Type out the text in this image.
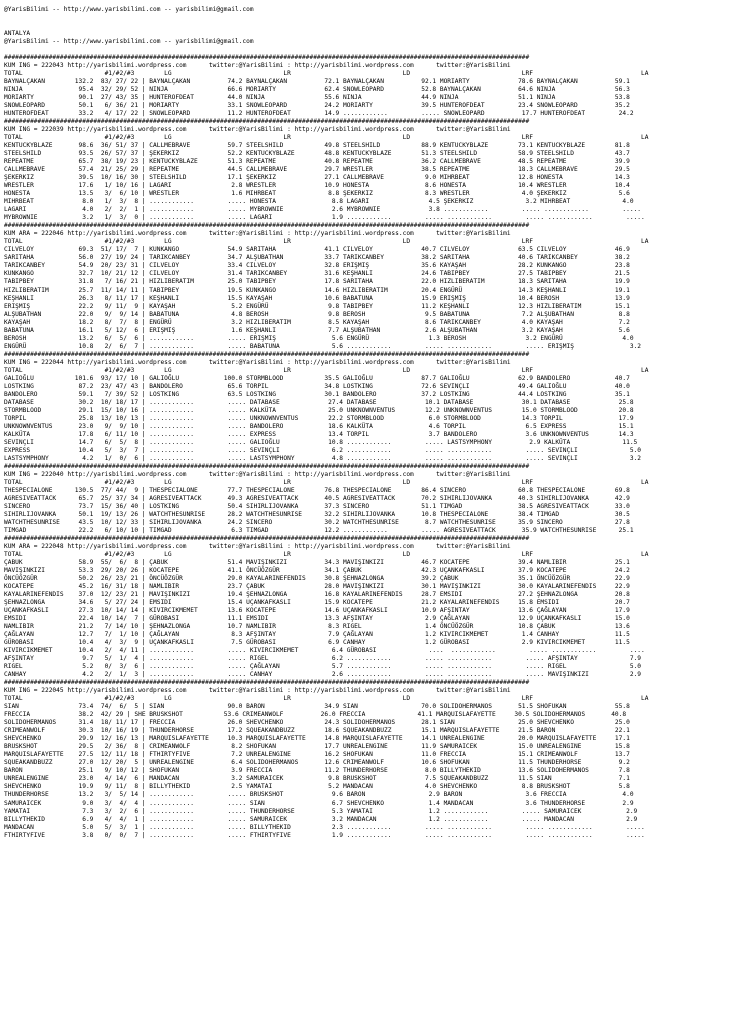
@YarisBilimi -- http://www.yarisbilimi.com -- yarisbilimi@gmail.com
ANTALYA
@YarisBilimi -- http://www.yarisbilimi.com -- yarisbilimi@gmail.com
#############################################################################################################################################
KUM ING = 222043 http://yarisbilimi.wordpress.com      twitter:@YarisBilimi : http://yarisbilimi.wordpress.com      twitter:@YarisBilimi
TOTAL                      #1/#2/#3        LG                              LR                              LD                              LRF                             LA
BAYNALÇAKAN        132.2  83/ 27/ 22 | BAYNALÇAKAN          74.2 BAYNALÇAKAN          72.1 BAYNALÇAKAN          92.1 MORIARTY             78.6 BAYNALÇAKAN          59.1
NINJA               95.4  32/ 29/ 52 | NINJA                66.6 MORIARTY             62.4 SNOWLEOPARD          52.8 BAYNALÇAKAN          64.6 NINJA                56.3
MORIARTY            90.1  27/ 43/ 35 | HUNTEROFDEAT         44.0 NINJA                55.6 NINJA                44.9 NINJA                51.1 NINJA                53.8
SNOWLEOPARD         50.1   6/ 36/ 21 | MORIARTY             33.1 SNOWLEOPARD          24.2 MORIARTY             39.5 HUNTEROFDEAT         23.4 SNOWLEOPARD          35.2
HUNTEROFDEAT        33.2   4/ 17/ 22 | SNOWLEOPARD          11.2 HUNTEROFDEAT         14.9 ............         ..... SNOWLEOPARD          17.7 HUNTEROFDEAT         24.2
#############################################################################################################################################
KUM ING = 222039 http://yarisbilimi.wordpress.com      twitter:@YarisBilimi : http://yarisbilimi.wordpress.com      twitter:@YarisBilimi
TOTAL                      #1/#2/#3        LG                              LR                              LD                              LRF                             LA
KENTUCKYBLAZE       98.6  36/ 51/ 37 | CALLMEBRAVE          59.7 STEELSHILD           49.8 STEELSHILD           88.9 KENTUCKYBLAZE        73.1 KENTUCKYBLAZE        81.8
STEELSHILD          93.5  26/ 57/ 37 | ŞEKERKIZ             52.2 KENTUCKYBLAZE        48.8 KENTUCKYBLAZE        51.3 STEELSHILD           58.9 STEELSHILD           43.7
REPEATME            65.7  38/ 19/ 23 | KENTUCKYBLAZE        51.3 REPEATME             40.8 REPEATME             36.2 CALLMEBRAVE          48.5 REPEATME             39.9
CALLMEBRAVE         57.4  21/ 25/ 29 | REPEATME             44.5 CALLMEBRAVE          29.7 WRESTLER             38.5 REPEATME             18.3 CALLMEBRAVE          29.5
ŞEKERKIZ            39.5  10/ 16/ 30 | STEELSHILD           17.1 ŞEKERKIZ             27.1 CALLMEBRAVE           9.0 MIHRBEAT             12.8 HONESTA              14.3
WRESTLER            17.6   1/ 10/ 16 | LAGARI                2.8 WRESTLER             10.9 HONESTA               8.6 HONESTA              10.4 WRESTLER             10.4
HONESTA             13.5   3/  6/ 10 | WRESTLER              1.6 MIHRBEAT              8.8 ŞEKERKIZ              8.3 WRESTLER              4.0 ŞEKERKIZ              5.6
MIHRBEAT             8.0   1/  3/  8 | ............         ..... HONESTA               8.8 LAGARI                4.5 ŞEKERKIZ              3.2 MIHRBEAT              4.0
LAGARI               4.0   2/  2/  1 | ............         ..... MYBROWNIE             2.6 MYBROWNIE             3.8 ............         ..... ............         .....
MYBROWNIE            3.2   1/  3/  0 | ............         ..... LAGARI                1.9 ............         ..... ............         ..... ............         .....
#############################################################################################################################################
KUM ARA = 222046 http://yarisbilimi.wordpress.com      twitter:@YarisBilimi : http://yarisbilimi.wordpress.com      twitter:@YarisBilimi
TOTAL                      #1/#2/#3        LG                              LR                              LD                              LRF                             LA
CILVELOY            69.3  51/ 17/  7 | KUNKANGO             54.9 SARITAHA             41.1 CILVELOY             40.7 CILVELOY             63.5 CILVELOY             46.9
SARITAHA            56.0  27/ 19/ 24 | TARIKCANBEY          34.7 ALŞUBATHAN           33.7 TARIKCANBEY          38.2 SARITAHA             40.6 TARIKCANBEY          38.2
TARIKCANBEY         54.9  20/ 23/ 31 | CILVELOY             33.4 CILVELOY             32.8 ERIŞMIŞ              35.6 KAYAŞAH              28.2 KUNKANGO             23.8
KUNKANGO            32.7  10/ 21/ 12 | CILVELOY             31.4 TARIKCANBEY          31.6 KEŞHANLI             24.6 TABIPBEY             27.5 TABIPBEY             21.5
TABIPBEY            31.8   7/ 16/ 21 | HIZLIBERATIM         25.0 TABIPBEY             17.8 SARITAHA             22.0 HIZLIBERATIM         18.3 SARITAHA             19.9
HIZLIBERATIM        25.7  11/ 14/ 11 | TABIPBEY             19.5 KUNKANGO             14.6 HIZLIBERATIM         20.4 ENGÜRÜ               14.3 KEŞHANLI             19.1
KEŞHANLI            26.3   8/ 11/ 17 | KEŞHANLI             15.5 KAYAŞAH              10.6 BABATUNA             15.9 ERIŞMIŞ              10.4 BEROSH               13.9
ERIŞMIŞ             22.2   9/ 11/  9 | KAYAŞAH               5.2 ENGÜRÜ                9.8 TABIPBEY             11.2 KEŞHANLI             12.3 HIZLIBERATIM         15.1
ALŞUBATHAN          22.0   9/  9/ 14 | BABATUNA              4.8 BEROSH                9.8 BEROSH                9.5 BABATUNA              7.2 ALŞUBATHAN            8.8
KAYAŞAH             18.2   8/  7/  8 | ENGÜRÜ                3.2 HIZLIBERATIM          8.5 KAYAŞAH               8.6 TARIKCANBEY           4.0 KAYAŞAH               7.2
BABATUNA            16.1   5/ 12/  6 | ERIŞMIŞ               1.6 KEŞHANLI              7.7 ALŞUBATHAN            2.6 ALŞUBATHAN            3.2 KAYAŞAH               5.6
BEROSH              13.2   6/  5/  6 | ............         ..... ERIŞMIŞ               5.6 ENGÜRÜ                1.3 BEROSH                3.2 ENGÜRÜ                4.0
ENGÜRÜ              10.8   2/  6/  7 | ............         ..... BABATUNA              5.6 ............         ..... ............         ..... ERIŞMIŞ               3.2
#############################################################################################################################################
KUM ING = 222044 http://yarisbilimi.wordpress.com      twitter:@YarisBilimi : http://yarisbilimi.wordpress.com      twitter:@YarisBilimi
TOTAL                      #1/#2/#3        LG                              LR                              LD                              LRF                             LA
GALIOĞLU           101.6  93/ 17/ 10 | GALIOĞLU            100.0 STORMBLOOD           35.5 GALIOĞLU             87.7 GALIOĞLU             62.9 BANDOLERO            40.7
LOSTKING            87.2  23/ 47/ 43 | BANDOLERO            65.6 TORPIL               34.8 LOSTKING             72.6 SEVINÇLI             49.4 GALIOĞLU             40.0
BANDOLERO           59.1   7/ 39/ 52 | LOSTKING             63.5 LOSTKING             30.1 BANDOLERO            37.2 LOSTKING             44.4 LOSTKING             35.1
DATABASE            30.2  10/ 18/ 17 | ............         ..... DATABASE             27.4 DATABASE             10.1 DATABASE             30.1 DATABASE             25.8
STORMBLOOD          29.1  15/ 10/ 16 | ............         ..... KALKÜTA              25.0 UNKNOWNVENTUS        12.2 UNKNOWNVENTUS        15.0 STORMBLOOD           20.8
TORPIL              25.8  13/ 10/ 13 | ............         ..... UNKNOWNVENTUS        22.2 STORMBLOOD            6.0 STORMBLOOD           14.3 TORPIL               17.9
UNKNOWNVENTUS       23.0   9/  9/ 10 | ............         ..... BANDOLERO            18.6 KALKÜTA               4.6 TORPIL                6.5 EXPRESS              15.1
KALKÜTA             17.8   6/ 11/ 10 | ............         ..... EXPRESS              13.4 TORPIL                3.7 BANDOLERO             3.6 UNKNOWNVENTUS        14.3
SEVINÇLI            14.7   6/  5/  8 | ............         ..... GALIOĞLU             10.8 ............         ..... LASTSYMPHONY          2.9 KALKÜTA              11.5
EXPRESS             10.4   5/  3/  7 | ............         ..... SEVINÇLI              6.2 ............         ..... ............         ..... SEVINÇLI              5.0
LASTSYMPHONY         4.2   1/  0/  6 | ............         ..... LASTSYMPHONY          4.8 ............         ..... ............         ..... SEVINÇLI              3.2
#############################################################################################################################################
KUM ING = 222040 http://yarisbilimi.wordpress.com      twitter:@YarisBilimi : http://yarisbilimi.wordpress.com      twitter:@YarisBilimi
TOTAL                      #1/#2/#3        LG                              LR                              LD                              LRF                             LA
THESPECIALONE      130.5  77/ 44/  9 | THESPECIALONE        77.7 THESPECIALONE        76.8 THESPECIALONE        86.4 SINCERO              60.8 THESPECIALONE        69.8
AGRESIVEATTACK      65.7  25/ 37/ 34 | AGRESIVEATTACK       49.3 AGRESIVEATTACK       40.5 AGRESIVEATTACK       70.2 SIHIRLIJOVANKA       40.3 SIHIRLIJOVANKA       42.9
SINCERO             73.7  15/ 36/ 40 | LOSTKING             50.4 SIHIRLIJOVANKA       37.3 SINCERO              51.1 TIMGAD               38.5 AGRESIVEATTACK       33.0
SIHIRLIJOVANKA      50.1  19/ 13/ 26 | WATCHTHESUNRISE      28.2 WATCHTHESUNRISE      32.2 SIHIRLIJOVANKA       10.8 THESPECIALONE        38.4 TIMGAD               30.5
WATCHTHESUNRISE     43.5  10/ 12/ 33 | SIHIRLIJOVANKA       24.2 SINCERO              30.2 WATCHTHESUNRISE       8.7 WATCHTHESUNRISE      35.9 SINCERO              27.8
TIMGAD              22.2   6/ 10/ 10 | TIMGAD                6.3 TIMGAD               12.2 ............         ..... AGRESIVEATTACK       35.9 WATCHTHESUNRISE      25.1
#############################################################################################################################################
KUM ARA = 222048 http://yarisbilimi.wordpress.com      twitter:@YarisBilimi : http://yarisbilimi.wordpress.com      twitter:@YarisBilimi
TOTAL                      #1/#2/#3        LG                              LR                              LD                              LRF                             LA
ÇABUK               58.9  55/  6/  8 | ÇABUK                51.4 MAVIŞINKIZI          34.3 MAVIŞINKIZI          46.7 KOCATEPE             39.4 NAMLIBIR             25.1
MAVIŞINKIZI         53.3  29/ 20/ 26 | KOCATEPE             41.1 ÖNCÜÖZGÜR            34.1 ÇABUK                42.3 UÇANKAFKASLI         37.9 KOCATEPE             24.2
ÖNCÜÖZGÜR           50.2  26/ 23/ 21 | ÖNCÜÖZGÜR            29.0 KAYALARINEFENDIS     30.8 ŞEHNAZLONGA          39.2 ÇABUK                35.1 ÖNCÜÖZGÜR            22.9
KOCATEPE            45.2  16/ 31/ 18 | NAMLIBIR             23.7 ÇABUK                28.0 MAVIŞINKIZI          30.1 MAVIŞINKIZI          30.0 KAYALARINEFENDIS     22.9
KAYALARINEFENDIS    37.0  12/ 23/ 21 | MAVIŞINKIZI          19.4 ŞEHNAZLONGA          16.8 KAYALARINEFENDIS     28.7 EMSIDI               27.2 ŞEHNAZLONGA          20.8
ŞEHNAZLONGA         34.6   5/ 27/ 24 | EMSIDI               15.4 UÇANKAFKASLI         15.9 KOCATEPE             21.2 KAYALARINEFENDIS     15.8 EMSIDI               20.7
UÇANKAFKASLI        27.3  10/ 14/ 14 | KIVIRCIKMEMET        13.6 KOCATEPE             14.6 UÇANKAFKASLI         10.9 AFŞINTAY             13.6 ÇAĞLAYAN             17.9
EMSIDI              22.4  10/ 14/  7 | GÜROBASI             11.1 EMSIDI               13.3 AFŞINTAY              2.9 ÇAĞLAYAN             12.9 UÇANKAFKASLI         15.0
NAMLIBIR            21.2   7/ 14/ 10 | ŞEHNAZLONGA          10.7 NAMLIBIR              8.3 RIGEL                 1.4 ÖNCÜÖZGÜR            10.8 ÇABUK                13.6
ÇAĞLAYAN            12.7   7/  1/ 10 | ÇAĞLAYAN              8.3 AFŞINTAY              7.9 ÇAĞLAYAN              1.2 KIVIRCIKMEMET         1.4 CANHAY               11.5
GÜROBASI            10.4   4/  3/  9 | UÇANKAFKASLI          7.5 GÜROBASI              6.9 CANHAY                1.2 GÜROBASI              2.9 KIVIRCIKMEMET        11.5
KIVIRCIKMEMET       10.4   2/  4/ 11 | ............         ..... KIVIRCIKMEMET         6.4 GÜROBASI              ....  ............         ..... ............         ....
AFŞINTAY             9.7   5/  1/  4 | ............         ..... RIGEL                 6.2 ............         ..... ............         ..... AFŞINTAY              7.9
RIGEL                5.2   0/  3/  6 | ............         ..... ÇAĞLAYAN              5.7 ............         ..... ............         ..... RIGEL                 5.0
CANHAY               4.2   2/  1/  3 | ............         ..... CANHAY                2.6 ............         ..... ............         ..... MAVIŞINKIZI           2.9
#############################################################################################################################################
KUM ING = 222045 http://yarisbilimi.wordpress.com      twitter:@YarisBilimi : http://yarisbilimi.wordpress.com      twitter:@YarisBilimi
TOTAL                      #1/#2/#3        LG                              LR                              LD                              LRF                             LA
SIAN                73.4  74/  6/  5 | SIAN                 90.0 BARON                34.9 SIAN                 70.0 SOLIDOHERMANOS       51.5 SHOFUKAN             55.8
FRECCIA             38.2  42/ 29 | SHE BRUSKSHOT           53.6 CRIMEANWOLF          26.0 FRECCIA              41.1 MARQUISLAFAYETTE     30.5 SOLIDOHERMANOS       40.8
SOLIDOHERMANOS      31.4  18/ 11/ 17 | FRECCIA              26.0 SHEVCHENKO           24.3 SOLIDOHERMANOS       28.1 SIAN                 25.0 SHEVCHENKO           25.0
CRIMEANWOLF         30.3  10/ 16/ 19 | THUNDERHORSE         17.2 SQUEAKANDBUZZ        18.6 SQUEAKANDBUZZ        15.1 MARQUISLAFAYETTE     21.5 BARON                22.1
SHEVCHENKO          29.9  12/ 16/ 13 | MARQUISLAFAYETTE     10.3 MARQUISLAFAYETTE     14.8 MARQUISLAFAYETTE     14.1 UNREALENGINE         20.0 MARQUISLAFAYETTE     17.1
BRUSKSHOT           29.5   2/ 36/  8 | CRIMEANWOLF           8.2 SHOFUKAN             17.7 UNREALENGINE         11.9 SAMURAICEK           15.0 UNREALENGINE         15.8
MARQUISLAFAYETTE    27.5  12/ 11/ 18 | FTHIRTYFIVE           7.2 UNREALENGINE         16.2 SHOFUKAN             11.0 FRECCIA              15.1 CRIMEANWOLF          13.7
SQUEAKANDBUZZ       27.0  12/ 20/  5 | UNREALENGINE          6.4 SOLIDOHERMANOS       12.6 CRIMEANWOLF          10.6 SHOFUKAN             11.5 THUNDERHORSE          9.2
BARON               25.1   9/ 10/ 12 | SHOFUKAN              3.9 FRECCIA              11.2 THUNDERHORSE          8.0 BILLYTHEKID          13.6 SOLIDOHERMANOS        7.8
UNREALENGINE        23.0   4/ 14/  6 | MANDACAN              3.2 SAMURAICEK            9.8 BRUSKSHOT             7.5 SQUEAKANDBUZZ        11.5 SIAN                  7.1
SHEVCHENKO          19.9   9/ 11/  8 | BILLYTHEKID           2.5 YAMATAI               5.2 MANDACAN              4.0 SHEVCHENKO            8.8 BRUSKSHOT             5.8
THUNDERHORSE        13.2   3/  5/ 14 | ............         ..... BRUSKSHOT             9.6 BARON                 2.9 BARON                 3.6 FRECCIA               4.0
SAMURAICEK           9.0   3/  4/  4 | ............         ..... SIAN                  6.7 SHEVCHENKO            1.4 MANDACAN              3.6 THUNDERHORSE          2.9
YAMATAI              7.3   3/  2/  6 | ............         ..... THUNDERHORSE          5.3 YAMATAI               1.2 ............         ..... SAMURAICEK            2.9
BILLYTHEKID          6.9   4/  4/  1 | ............         ..... SAMURAICEK            3.2 MANDACAN              1.2 ............         ..... MANDACAN              2.9
MANDACAN             5.0   5/  3/  1 | ............         ..... BILLYTHEKID           2.3 ............         ..... ............         ..... ............         .....
FTHIRTYFIVE          3.8   0/  0/  7 | ............         ..... FTHIRTYFIVE           1.9 ............         ..... ............         ..... ............         .....
